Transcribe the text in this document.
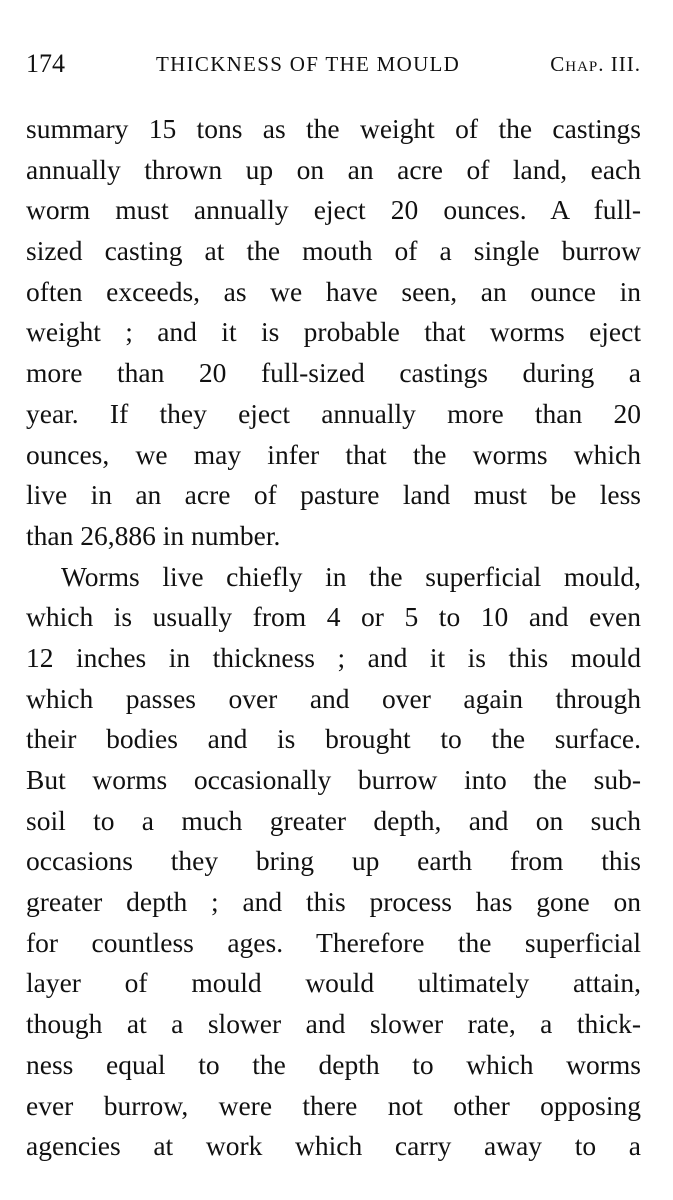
174	THICKNESS OF THE MOULD	Chap. III.
summary 15 tons as the weight of the castings
annually thrown up on an acre of land, each
worm must annually eject 20 ounces. A full-
sized casting at the mouth of a single burrow
often exceeds, as we have seen, an ounce in
weight ; and it is probable that worms eject
more than 20 full-sized castings during a
year. If they eject annually more than 20
ounces, we may infer that the worms which
live in an acre of pasture land must be less
than 26,886 in number.
Worms live chiefly in the superficial mould,
which is usually from 4 or 5 to 10 and even
12 inches in thickness ; and it is this mould
which passes over and over again through
their bodies and is brought to the surface.
But worms occasionally burrow into the sub-
soil to a much greater depth, and on such
occasions they bring up earth from this
greater depth ; and this process has gone on
for countless ages. Therefore the superficial
layer of mould would ultimately attain,
though at a slower and slower rate, a thick-
ness equal to the depth to which worms
ever burrow, were there not other opposing
agencies at work which carry away to a
